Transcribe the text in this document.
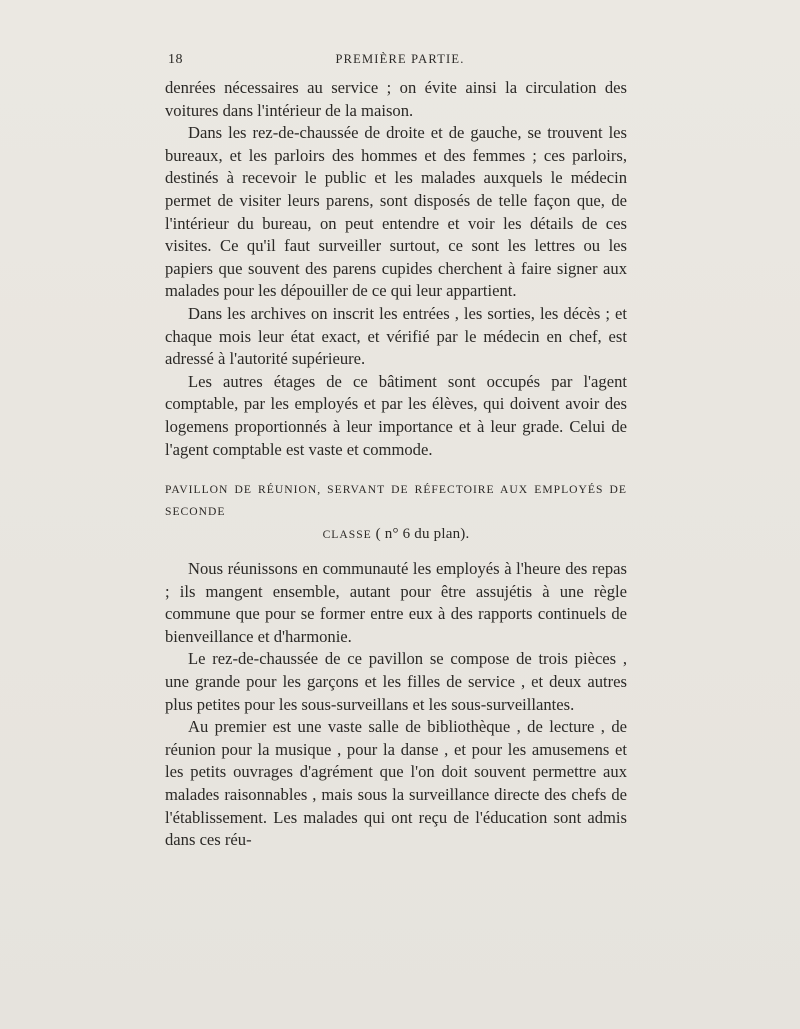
18	PREMIÈRE PARTIE.

denrées nécessaires au service ; on évite ainsi la circulation des voitures dans l'intérieur de la maison.

Dans les rez-de-chaussée de droite et de gauche, se trouvent les bureaux, et les parloirs des hommes et des femmes ; ces parloirs, destinés à recevoir le public et les malades auxquels le médecin permet de visiter leurs parens, sont disposés de telle façon que, de l'intérieur du bureau, on peut entendre et voir les détails de ces visites. Ce qu'il faut surveiller surtout, ce sont les lettres ou les papiers que souvent des parens cupides cherchent à faire signer aux malades pour les dépouiller de ce qui leur appartient.

Dans les archives on inscrit les entrées , les sorties, les décès ; et chaque mois leur état exact, et vérifié par le médecin en chef, est adressé à l'autorité supérieure.

Les autres étages de ce bâtiment sont occupés par l'agent comptable, par les employés et par les élèves, qui doivent avoir des logemens proportionnés à leur importance et à leur grade. Celui de l'agent comptable est vaste et commode.

PAVILLON DE RÉUNION, SERVANT DE RÉFECTOIRE AUX EMPLOYÉS DE SECONDE
CLASSE ( n° 6 du plan).

Nous réunissons en communauté les employés à l'heure des repas ; ils mangent ensemble, autant pour être assujétis à une règle commune que pour se former entre eux à des rapports continuels de bienveillance et d'harmonie.

Le rez-de-chaussée de ce pavillon se compose de trois pièces , une grande pour les garçons et les filles de service , et deux autres plus petites pour les sous-surveillans et les sous-surveillantes.

Au premier est une vaste salle de bibliothèque , de lecture , de réunion pour la musique , pour la danse , et pour les amusemens et les petits ouvrages d'agrément que l'on doit souvent permettre aux malades raisonnables , mais sous la surveillance directe des chefs de l'établissement. Les malades qui ont reçu de l'éducation sont admis dans ces réu-
